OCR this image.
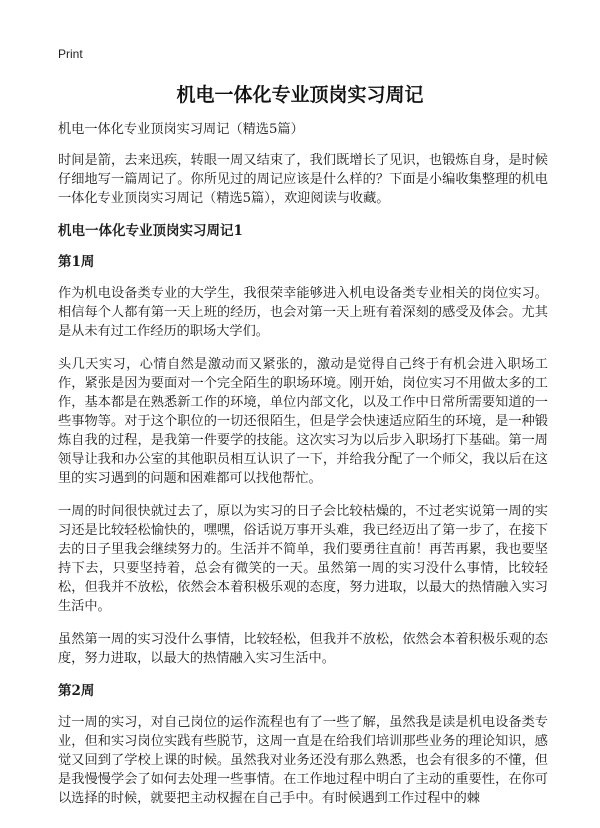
Print
机电一体化专业顶岗实习周记

机电一体化专业顶岗实习周记（精选5篇）

时间是箭，去来迅疾，转眼一周又结束了，我们既增长了见识，也锻炼自身，是时候仔细地写一篇周记了。你所见过的周记应该是什么样的？下面是小编收集整理的机电一体化专业顶岗实习周记（精选5篇），欢迎阅读与收藏。

机电一体化专业顶岗实习周记1

第1周

作为机电设备类专业的大学生，我很荣幸能够进入机电设备类专业相关的岗位实习。相信每个人都有第一天上班的经历，也会对第一天上班有着深刻的感受及体会。尤其是从未有过工作经历的职场大学们。

头几天实习，心情自然是激动而又紧张的，激动是觉得自己终于有机会进入职场工作，紧张是因为要面对一个完全陌生的职场环境。刚开始，岗位实习不用做太多的工作，基本都是在熟悉新工作的环境，单位内部文化，以及工作中日常所需要知道的一些事物等。对于这个职位的一切还很陌生，但是学会快速适应陌生的环境，是一种锻炼自我的过程，是我第一件要学的技能。这次实习为以后步入职场打下基础。第一周领导让我和办公室的其他职员相互认识了一下，并给我分配了一个师父，我以后在这里的实习遇到的问题和困难都可以找他帮忙。

一周的时间很快就过去了，原以为实习的日子会比较枯燥的，不过老实说第一周的实习还是比较轻松愉快的，嘿嘿，俗话说万事开头难，我已经迈出了第一步了，在接下去的日子里我会继续努力的。生活并不简单，我们要勇往直前！再苦再累，我也要坚持下去，只要坚持着，总会有微笑的一天。虽然第一周的实习没什么事情，比较轻松，但我并不放松，依然会本着积极乐观的态度，努力进取，以最大的热情融入实习生活中。

虽然第一周的实习没什么事情，比较轻松，但我并不放松，依然会本着积极乐观的态度，努力进取，以最大的热情融入实习生活中。

第2周

过一周的实习，对自己岗位的运作流程也有了一些了解，虽然我是读是机电设备类专业，但和实习岗位实践有些脱节，这周一直是在给我们培训那些业务的理论知识，感觉又回到了学校上课的时候。虽然我对业务还没有那么熟悉，也会有很多的不懂，但是我慢慢学会了如何去处理一些事情。在工作地过程中明白了主动的重要性，在你可以选择的时候，就要把主动权握在自己手中。有时候遇到工作过程中的棘
